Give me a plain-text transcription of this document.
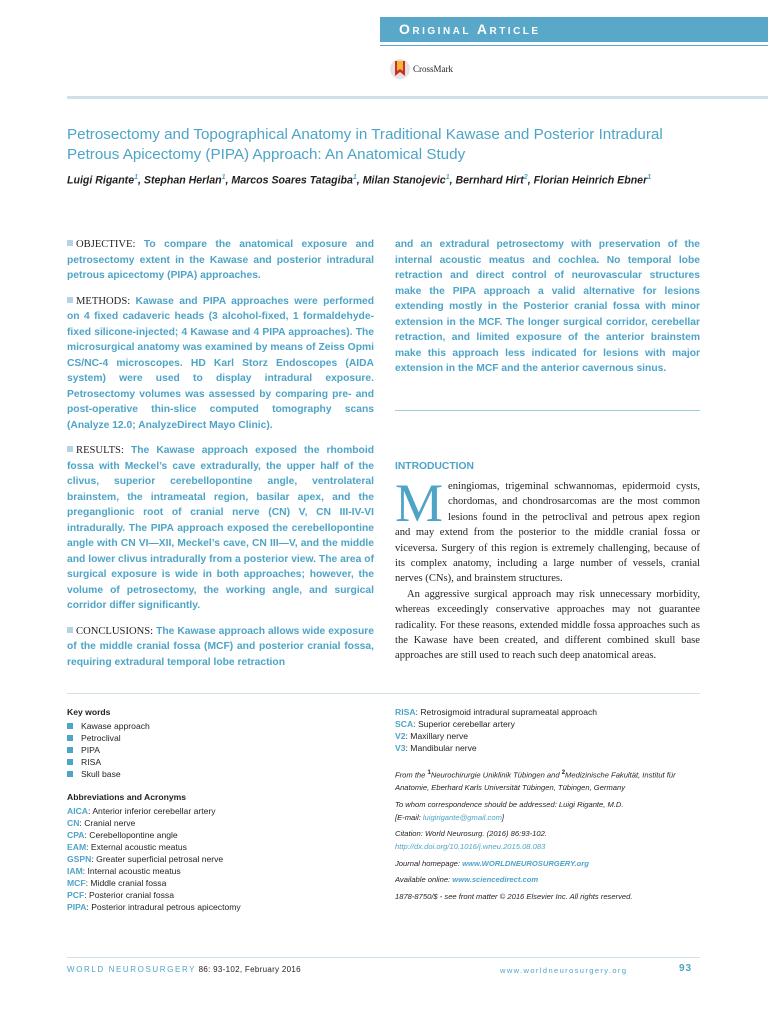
Original Article
CrossMark
Petrosectomy and Topographical Anatomy in Traditional Kawase and Posterior Intradural Petrous Apicectomy (PIPA) Approach: An Anatomical Study
Luigi Rigante$^1$, Stephan Herlan$^1$, Marcos Soares Tatagiba$^1$, Milan Stanojevic$^1$, Bernhard Hirt$^2$, Florian Heinrich Ebner$^1$

OBJECTIVE: To compare the anatomical exposure and petrosectomy extent in the Kawase and posterior intradural petrous apicectomy (PIPA) approaches.

METHODS: Kawase and PIPA approaches were performed on 4 fixed cadaveric heads (3 alcohol-fixed, 1 formaldehyde-fixed silicone-injected; 4 Kawase and 4 PIPA approaches). The microsurgical anatomy was examined by means of Zeiss Opmi CS/NC-4 microscopes. HD Karl Storz Endoscopes (AIDA system) were used to display intradural exposure. Petrosectomy volumes was assessed by comparing pre- and post-operative thin-slice computed tomography scans (Analyze 12.0; AnalyzeDirect Mayo Clinic).

RESULTS: The Kawase approach exposed the rhomboid fossa with Meckel’s cave extradurally, the upper half of the clivus, superior cerebellopontine angle, ventrolateral brainstem, the intrameatal region, basilar apex, and the preganglionic root of cranial nerve (CN) V, CN III-IV-VI intradurally. The PIPA approach exposed the cerebellopontine angle with CN VI—XII, Meckel’s cave, CN III—V, and the middle and lower clivus intradurally from a posterior view. The area of surgical exposure is wide in both approaches; however, the volume of petrosectomy, the working angle, and surgical corridor differ significantly.

CONCLUSIONS: The Kawase approach allows wide exposure of the middle cranial fossa (MCF) and posterior cranial fossa, requiring extradural temporal lobe retraction

and an extradural petrosectomy with preservation of the internal acoustic meatus and cochlea. No temporal lobe retraction and direct control of neurovascular structures make the PIPA approach a valid alternative for lesions extending mostly in the Posterior cranial fossa with minor extension in the MCF. The longer surgical corridor, cerebellar retraction, and limited exposure of the anterior brainstem make this approach less indicated for lesions with major extension in the MCF and the anterior cavernous sinus.

INTRODUCTION

Meningiomas, trigeminal schwannomas, epidermoid cysts, chordomas, and chondrosarcomas are the most common lesions found in the petroclival and petrous apex region and may extend from the posterior to the middle cranial fossa or viceversa. Surgery of this region is extremely challenging, because of its complex anatomy, including a large number of vessels, cranial nerves (CNs), and brainstem structures.

An aggressive surgical approach may risk unnecessary morbidity, whereas exceedingly conservative approaches may not guarantee radicality. For these reasons, extended middle fossa approaches such as the Kawase have been created, and different combined skull base approaches are still used to reach such deep anatomical areas.

Key words
Kawase approach
Petroclival
PIPA
RISA
Skull base
Abbreviations and Acronyms
AICA: Anterior inferior cerebellar artery
CN: Cranial nerve
CPA: Cerebellopontine angle
EAM: External acoustic meatus
GSPN: Greater superficial petrosal nerve
IAM: Internal acoustic meatus
MCF: Middle cranial fossa
PCF: Posterior cranial fossa
PIPA: Posterior intradural petrous apicectomy
RISA: Retrosigmoid intradural suprameatal approach
SCA: Superior cerebellar artery
V2: Maxillary nerve
V3: Mandibular nerve
From the $^1$Neurochirurgie Uniklinik Tübingen and $^2$Medizinische Fakultät, Institut für Anatomie, Eberhard Karls Universität Tübingen, Tübingen, Germany
To whom correspondence should be addressed: Luigi Rigante, M.D.
[E-mail: luigirigante@gmail.com]
Citation: World Neurosurg. (2016) 86:93-102.
http://dx.doi.org/10.1016/j.wneu.2015.08.083
Journal homepage: www.WORLDNEUROSURGERY.org
Available online: www.sciencedirect.com
1878-8750/$ - see front matter © 2016 Elsevier Inc. All rights reserved.
WORLD NEUROSURGERY 86: 93-102, February 2016	www.worldneurosurgery.org	93
